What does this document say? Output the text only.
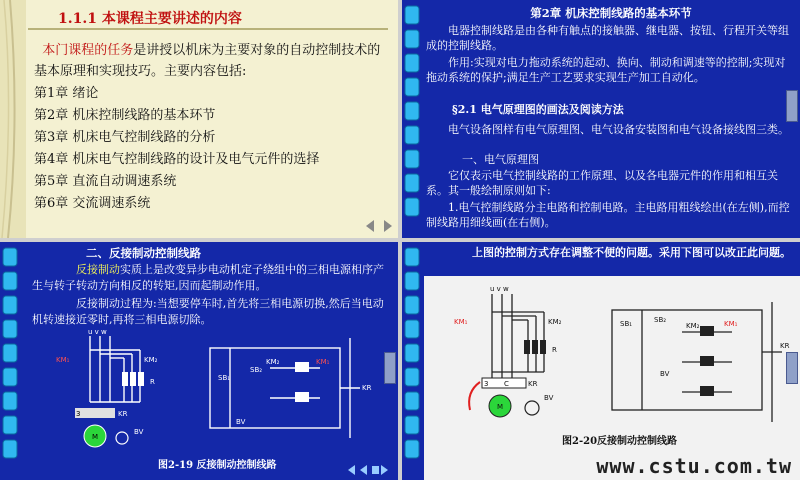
1.1.1 本课程主要讲述的内容
本门课程的任务是讲授以机床为主要对象的自动控制技术的基本原理和实现技巧。主要内容包括:
第1章 绪论
第2章 机床控制线路的基本环节
第3章 机床电气控制线路的分析
第4章 机床电气控制线路的设计及电气元件的选择
第5章 直流自动调速系统
第6章 交流调速系统
第2章 机床控制线路的基本环节
电器控制线路是由各种有触点的接触器、继电器、按钮、行程开关等组成的控制线路。
作用:实现对电力拖动系统的起动、换向、制动和调速等的控制;实现对拖动系统的保护;满足生产工艺要求实现生产加工自动化。
§2.1 电气原理图的画法及阅读方法
电气设备图样有电气原理图、电气设备安装图和电气设备接线图三类。
一、电气原理图
它仅表示电气控制线路的工作原理、以及各电器元件的作用和相互关系。其一般绘制原则如下:
1.电气控制线路分主电路和控制电路。主电路用粗线绘出(在左侧),而控制线路用细线画(在右侧)。
二、反接制动控制线路
反接制动实质上是改变异步电动机定子绕组中的三相电源相序产生与转子转动方向相反的转矩,因而起制动作用。
反接制动过程为:当想要停车时,首先将三相电源切换,然后当电动机转速接近零时,再将三相电源切除。
u v w
KM₁	KM₂
R
3	KR
M
BV
SB₁
SB₂
KM₂	KM₁
KR
BV
图2-19 反接制动控制线路
上图的控制方式存在调整不便的问题。采用下图可以改正此问题。
u v w
KM₁	KM₂
R
3 C	KR
M
BV
SB₁	SB₂
KM₂	KM₁
BV
KR
图2-20反接制动控制线路
www.cstu.com.tw
